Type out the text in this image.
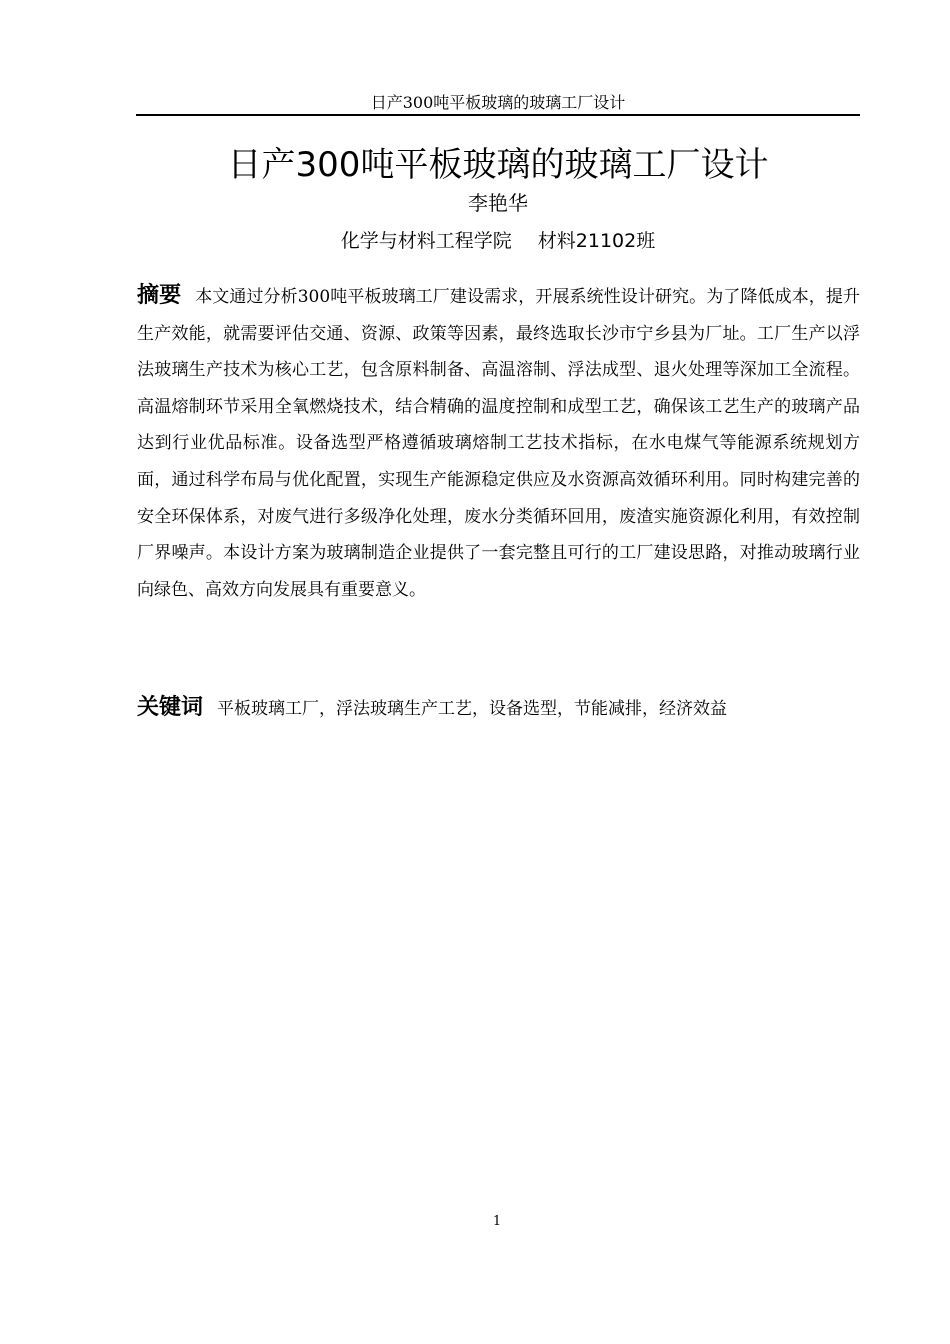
日产300吨平板玻璃的玻璃工厂设计
日产300吨平板玻璃的玻璃工厂设计
李艳华
化学与材料工程学院 材料21102班

摘要 本文通过分析300吨平板玻璃工厂建设需求，开展系统性设计研究。为了降低成本，提升生产效能，就需要评估交通、资源、政策等因素，最终选取长沙市宁乡县为厂址。工厂生产以浮法玻璃生产技术为核心工艺，包含原料制备、高温溶制、浮法成型、退火处理等深加工全流程。高温熔制环节采用全氧燃烧技术，结合精确的温度控制和成型工艺，确保该工艺生产的玻璃产品达到行业优品标准。设备选型严格遵循玻璃熔制工艺技术指标，在水电煤气等能源系统规划方面，通过科学布局与优化配置，实现生产能源稳定供应及水资源高效循环利用。同时构建完善的安全环保体系，对废气进行多级净化处理，废水分类循环回用，废渣实施资源化利用，有效控制厂界噪声。本设计方案为玻璃制造企业提供了一套完整且可行的工厂建设思路，对推动玻璃行业向绿色、高效方向发展具有重要意义。

关键词 平板玻璃工厂，浮法玻璃生产工艺，设备选型，节能减排，经济效益

1
